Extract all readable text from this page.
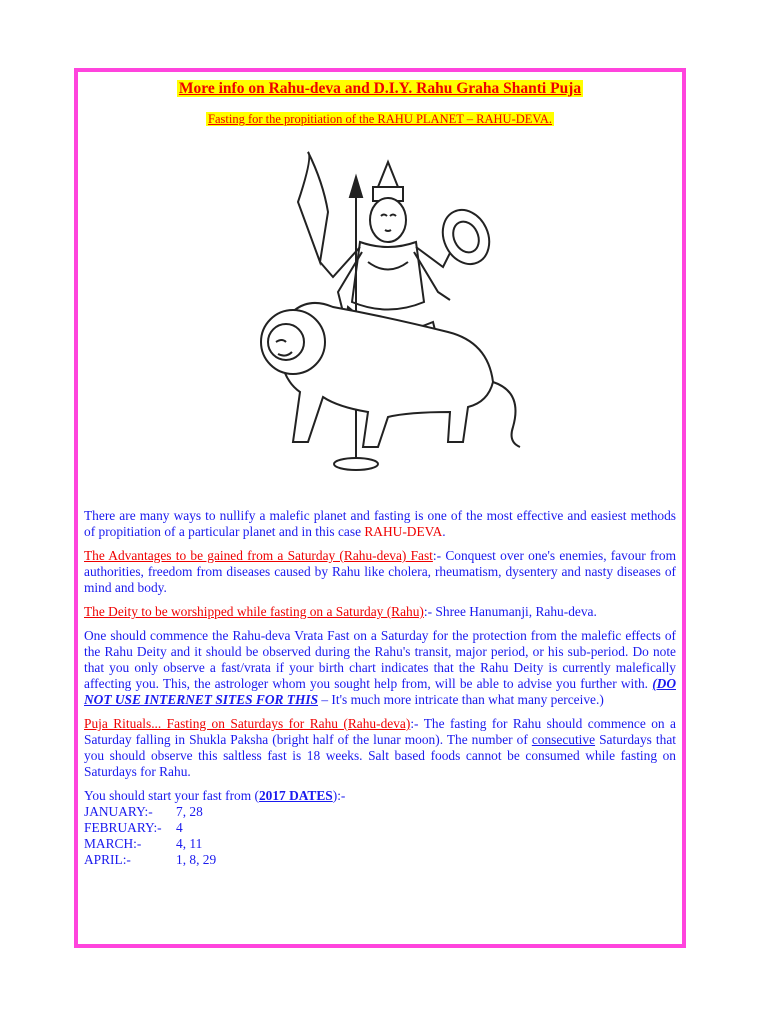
More info on Rahu-deva and D.I.Y. Rahu Graha Shanti Puja
Fasting for the propitiation of the RAHU PLANET – RAHU-DEVA.

There are many ways to nullify a malefic planet and fasting is one of the most effective and easiest methods of propitiation of a particular planet and in this case RAHU-DEVA.

The Advantages to be gained from a Saturday (Rahu-deva) Fast:- Conquest over one's enemies, favour from authorities, freedom from diseases caused by Rahu like cholera, rheumatism, dysentery and nasty diseases of mind and body.

The Deity to be worshipped while fasting on a Saturday (Rahu):- Shree Hanumanji, Rahu-deva.

One should commence the Rahu-deva Vrata Fast on a Saturday for the protection from the malefic effects of the Rahu Deity and it should be observed during the Rahu's transit, major period, or his sub-period. Do note that you only observe a fast/vrata if your birth chart indicates that the Rahu Deity is currently malefically affecting you. This, the astrologer whom you sought help from, will be able to advise you further with. (DO NOT USE INTERNET SITES FOR THIS – It's much more intricate than what many perceive.)

Puja Rituals... Fasting on Saturdays for Rahu (Rahu-deva):- The fasting for Rahu should commence on a Saturday falling in Shukla Paksha (bright half of the lunar moon). The number of consecutive Saturdays that you should observe this saltless fast is 18 weeks. Salt based foods cannot be consumed while fasting on Saturdays for Rahu.

You should start your fast from (2017 DATES):-
JANUARY:-	7, 28
FEBRUARY:-	4
MARCH:-	4, 11
APRIL:-	1, 8, 29
